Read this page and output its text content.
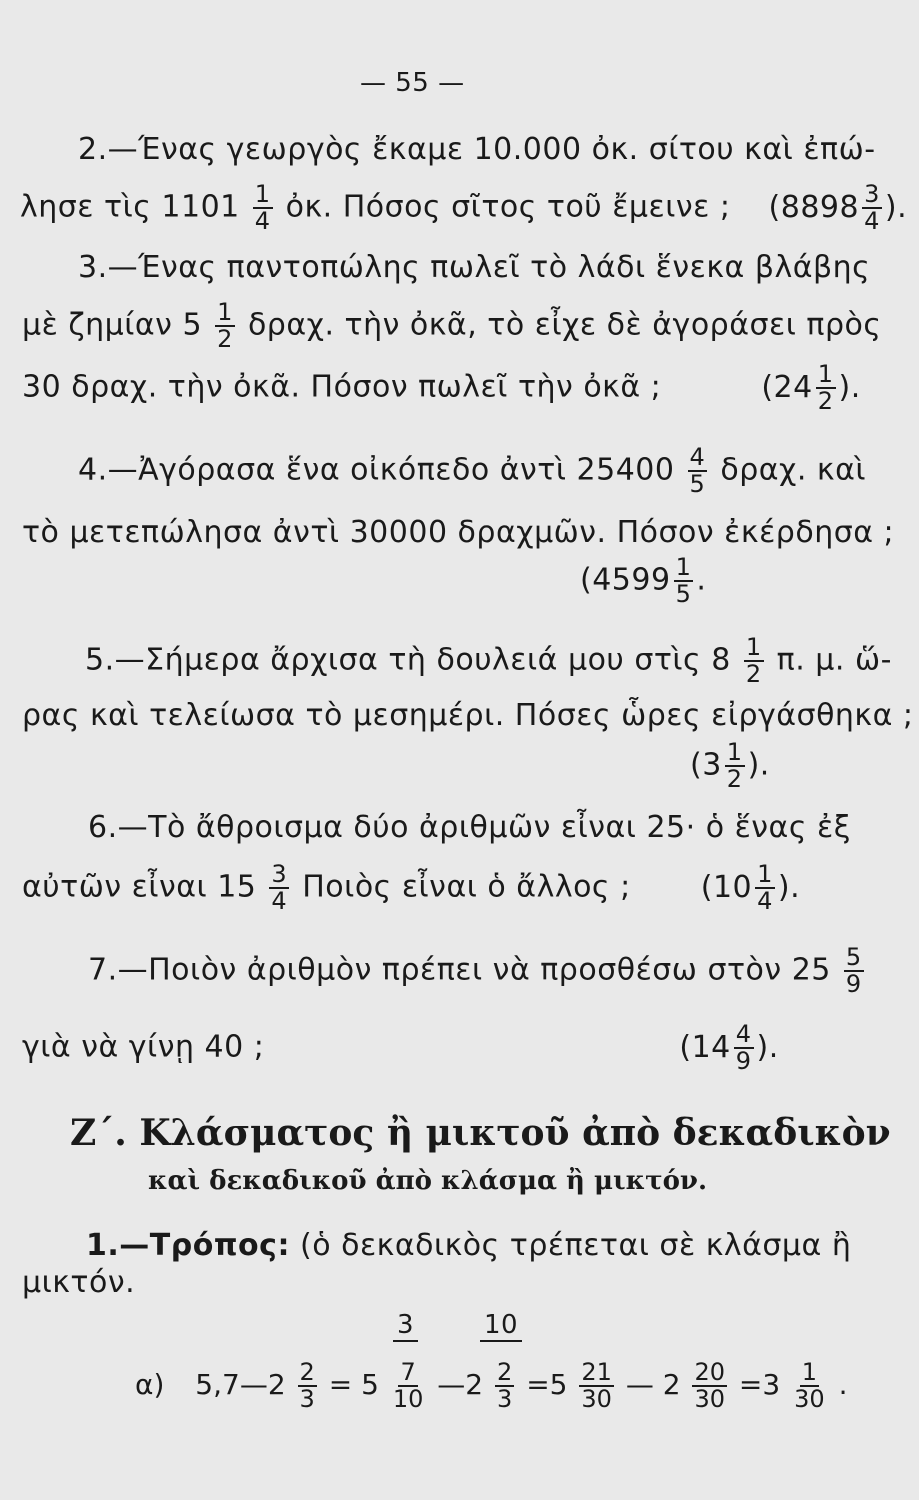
— 55 —
2.—Ένας γεωργὸς ἔκαμε 10.000 ὀκ. σίτου καὶ ἐπώ-
λησε τὶς $1101 \frac{1}{4}$ ὀκ. Πόσος σῖτος τοῦ ἔμεινε ; ($8898 \frac{3}{4}$ ).
3.—Ένας παντοπώλης πωλεῖ τὸ λάδι ἕνεκα βλάβης
μὲ ζημίαν $5 \frac{1}{2} \delta\rho\alpha\chi$. τὴν ὀκᾶ, τὸ εἶχε δὲ ἀγοράσει πρὸς
30 δραχ. τὴν ὀκᾶ. Πόσον πωλεῖ τὴν ὀκᾶ ;	($24 \frac{1}{2}$ ).
4.—Ἀγόρασα ἕνα οἰκόπεδο ἀντὶ $25400 \frac{4}{5} \delta\rho\alpha\chi$. καὶ
τὸ μετεπώλησα ἀντὶ 30000 δραχμῶν. Πόσον ἐκέρδησα ;
($4599 \frac{1}{5}$ .
5.—Σήμερα ἄρχισα τὴ δουλειά μου στὶς $8 \frac{1}{2} \pi$. μ. ὥ-
ρας καὶ τελείωσα τὸ μεσημέρι. Πόσες ὧρες εἰργάσθηκα ;
($3 \frac{1}{2}$ ).
6.—Τὸ ἄθροισμα δύο ἀριθμῶν εἶναι 25· ὁ ἕνας ἐξ
αὐτῶν εἶναι $15 \frac{3}{4}$ Ποιὸς εἶναι ὁ ἄλλος ; ($10 \frac{1}{4}$ ).
7.—Ποιὸν ἀριθμὸν πρέπει νὰ προσθέσω στὸν $25 \frac{5}{9}$
γιὰ νὰ γίνῃ 40 ;	($14 \frac{4}{9}$ ).
Ζ΄. Κλάσματος ἢ μικτοῦ ἀπὸ δεκαδικὸν
καὶ δεκαδικοῦ ἀπὸ κλάσμα ἢ μικτόν.
1.—Τρόπος: (ὁ δεκαδικὸς τρέπεται σὲ κλάσμα ἢ
μικτόν.
3	10
α) 5,7—2 $\frac{2}{3} = 5 \frac{7}{10}$ —2 $\frac{2}{3} =5 \frac{21}{30}$ — $2 \frac{20}{30} =3 \frac{1}{30}$ .
